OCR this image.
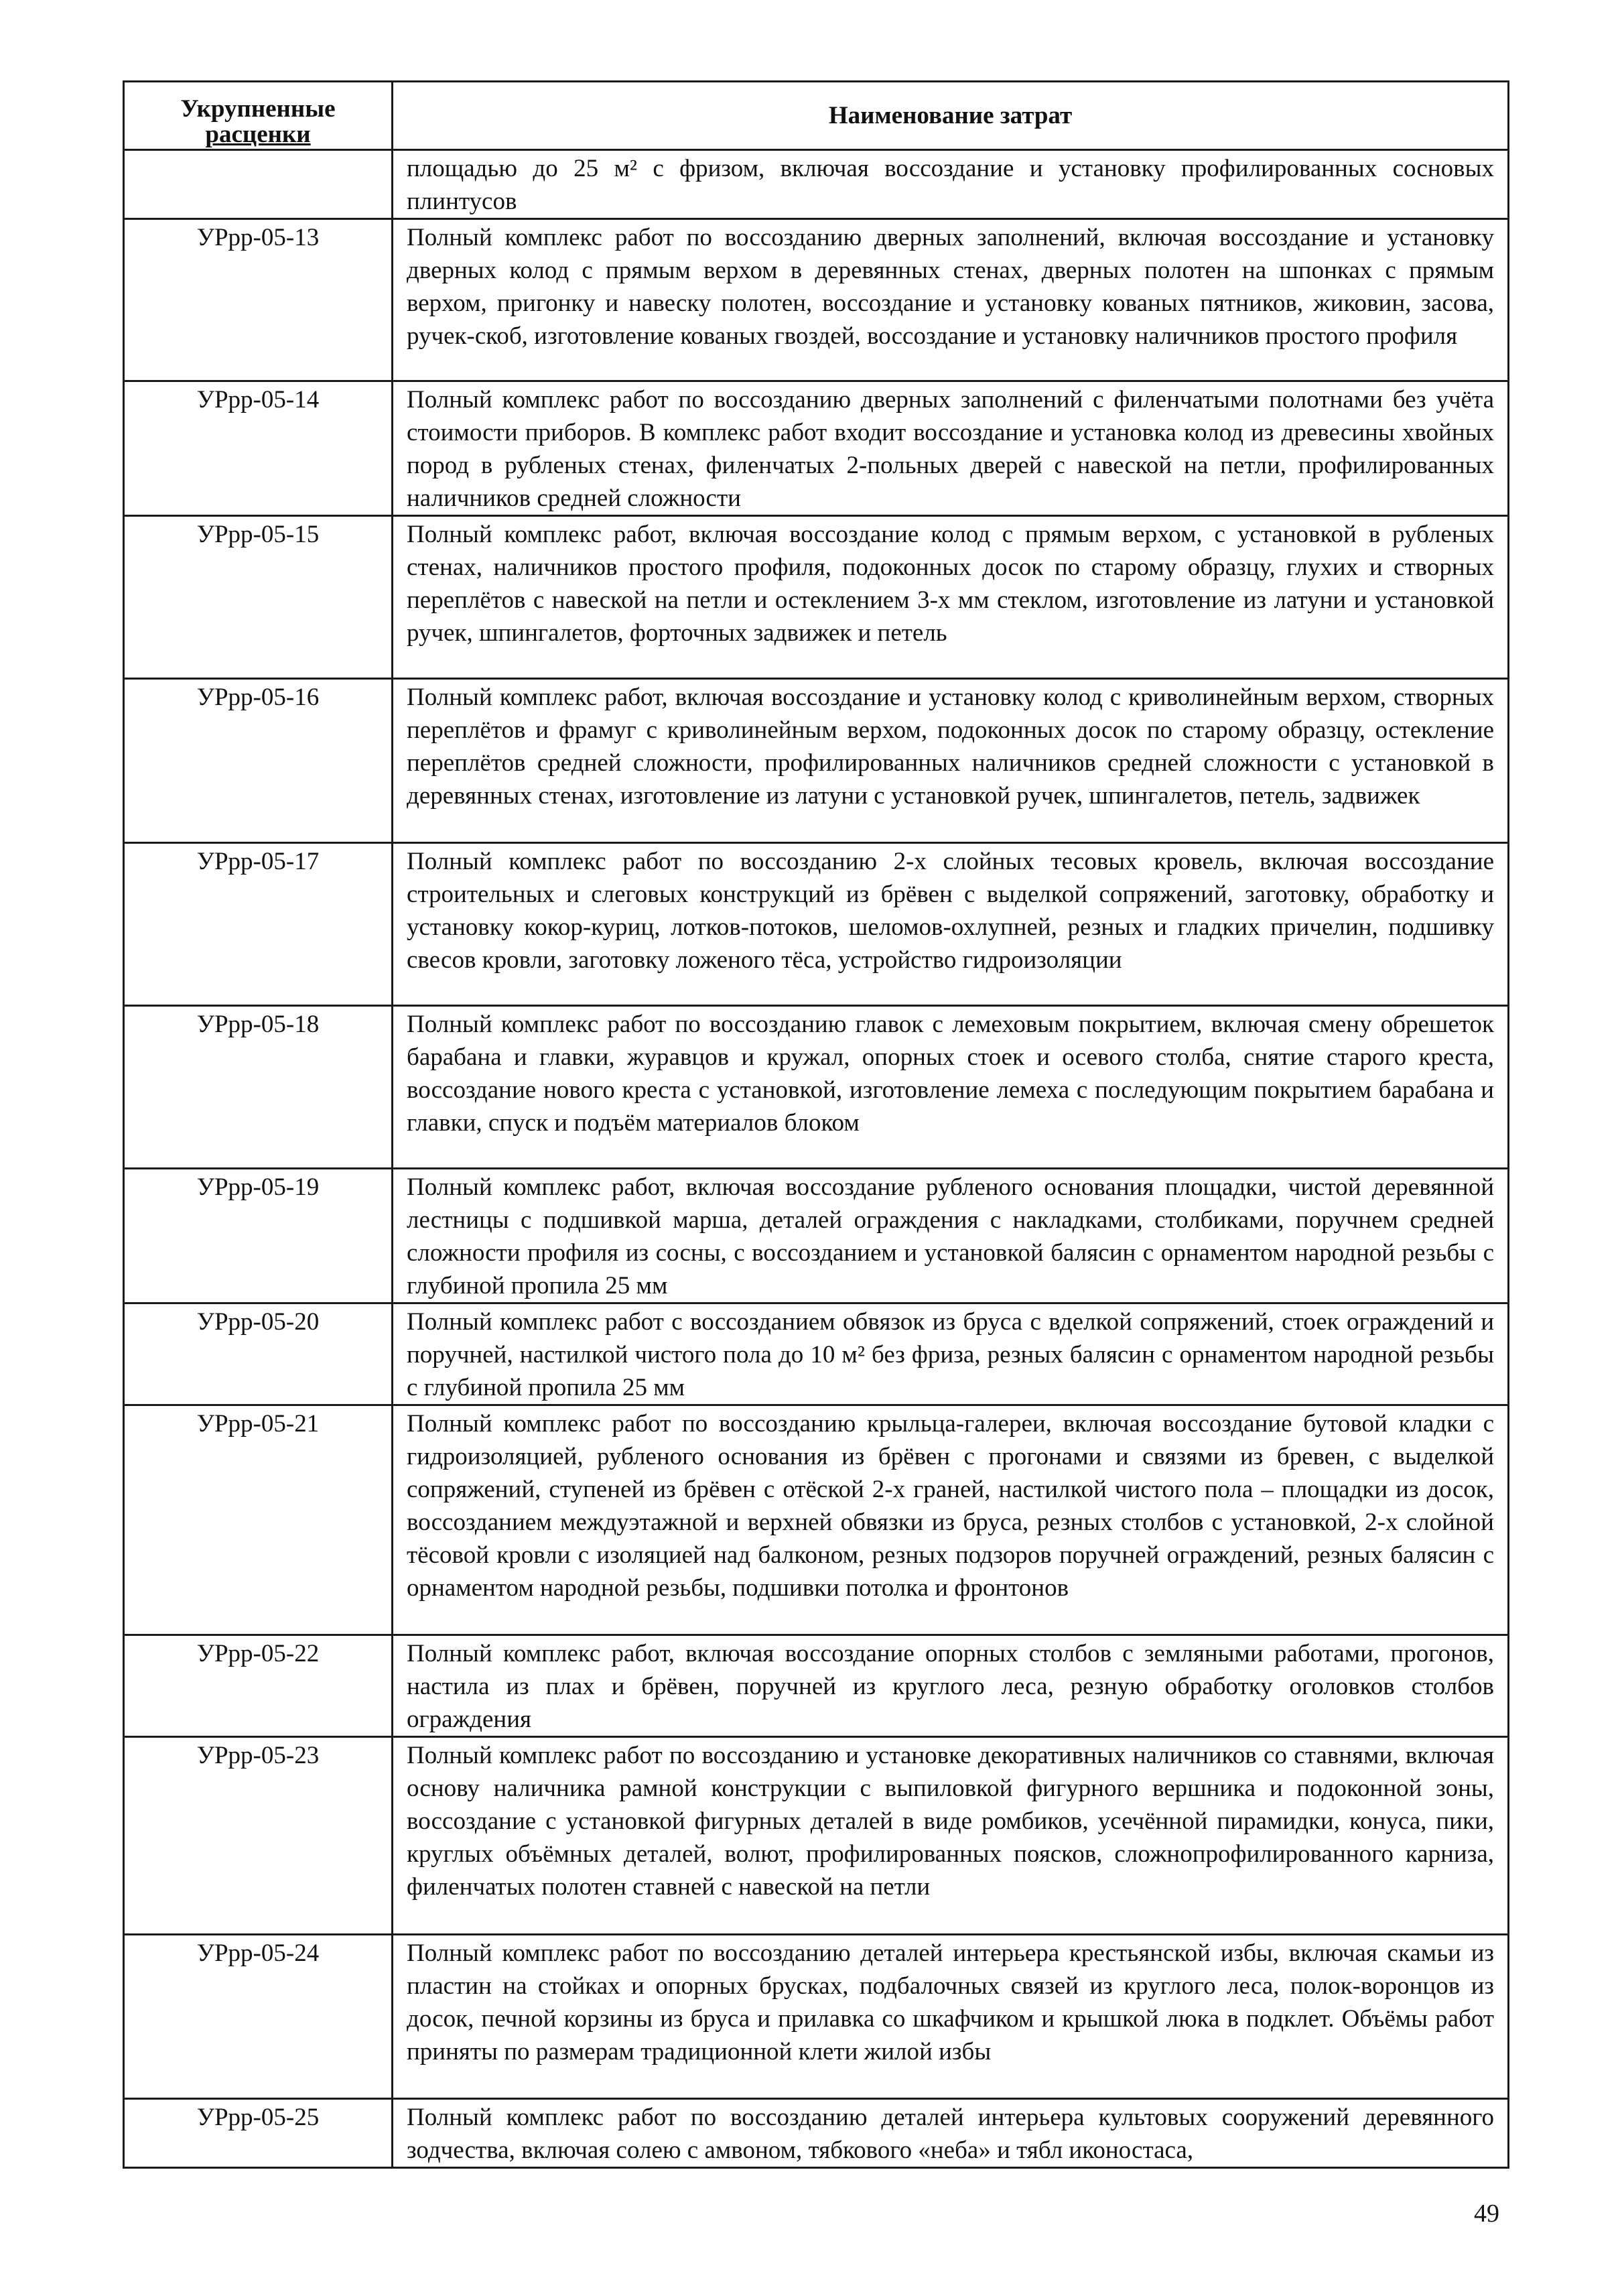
Укрупненные
расценки	Наименование затрат
	площадью до 25 м² с фризом, включая воссоздание и установку профилированных сосновых плинтусов
УРрр-05-13	Полный комплекс работ по воссозданию дверных заполнений, включая воссоздание и установку дверных колод с прямым верхом в деревянных стенах, дверных полотен на шпонках с прямым верхом, пригонку и навеску полотен, воссоздание и установку кованых пятников, жиковин, засова, ручек-скоб, изготовление кованых гвоздей, воссоздание и установку наличников простого профиля
УРрр-05-14	Полный комплекс работ по воссозданию дверных заполнений с филенчатыми полотнами без учёта стоимости приборов. В комплекс работ входит воссоздание и установка колод из древесины хвойных пород в рубленых стенах, филенчатых 2-польных дверей с навеской на петли, профилированных наличников средней сложности
УРрр-05-15	Полный комплекс работ, включая воссоздание колод с прямым верхом, с установкой в рубленых стенах, наличников простого профиля, подоконных досок по старому образцу, глухих и створных переплётов с навеской на петли и остеклением 3-х мм стеклом, изготовление из латуни и установкой ручек, шпингалетов, форточных задвижек и петель
УРрр-05-16	Полный комплекс работ, включая воссоздание и установку колод с криволинейным верхом, створных переплётов и фрамуг с криволинейным верхом, подоконных досок по старому образцу, остекление переплётов средней сложности, профилированных наличников средней сложности с установкой в деревянных стенах, изготовление из латуни с установкой ручек, шпингалетов, петель, задвижек
УРрр-05-17	Полный комплекс работ по воссозданию 2-х слойных тесовых кровель, включая воссоздание строительных и слеговых конструкций из брёвен с выделкой сопряжений, заготовку, обработку и установку кокор-куриц, лотков-потоков, шеломов-охлупней, резных и гладких причелин, подшивку свесов кровли, заготовку ложеного тёса, устройство гидроизоляции
УРрр-05-18	Полный комплекс работ по воссозданию главок с лемеховым покрытием, включая смену обрешеток барабана и главки, журавцов и кружал, опорных стоек и осевого столба, снятие старого креста, воссоздание нового креста с установкой, изготовление лемеха с последующим покрытием барабана и главки, спуск и подъём материалов блоком
УРрр-05-19	Полный комплекс работ, включая воссоздание рубленого основания площадки, чистой деревянной лестницы с подшивкой марша, деталей ограждения с накладками, столбиками, поручнем средней сложности профиля из сосны, с воссозданием и установкой балясин с орнаментом народной резьбы с глубиной пропила 25 мм
УРрр-05-20	Полный комплекс работ с воссозданием обвязок из бруса с вделкой сопряжений, стоек ограждений и поручней, настилкой чистого пола до 10 м² без фриза, резных балясин с орнаментом народной резьбы с глубиной пропила 25 мм
УРрр-05-21	Полный комплекс работ по воссозданию крыльца-галереи, включая воссоздание бутовой кладки с гидроизоляцией, рубленого основания из брёвен с прогонами и связями из бревен, с выделкой сопряжений, ступеней из брёвен с отёской 2-х граней, настилкой чистого пола – площадки из досок, воссозданием междуэтажной и верхней обвязки из бруса, резных столбов с установкой, 2-х слойной тёсовой кровли с изоляцией над балконом, резных подзоров поручней ограждений, резных балясин с орнаментом народной резьбы, подшивки потолка и фронтонов
УРрр-05-22	Полный комплекс работ, включая воссоздание опорных столбов с земляными работами, прогонов, настила из плах и брёвен, поручней из круглого леса, резную обработку оголовков столбов ограждения
УРрр-05-23	Полный комплекс работ по воссозданию и установке декоративных наличников со ставнями, включая основу наличника рамной конструкции с выпиловкой фигурного вершника и подоконной зоны, воссоздание с установкой фигурных деталей в виде ромбиков, усечённой пирамидки, конуса, пики, круглых объёмных деталей, волют, профилированных поясков, сложнопрофилированного карниза, филенчатых полотен ставней с навеской на петли
УРрр-05-24	Полный комплекс работ по воссозданию деталей интерьера крестьянской избы, включая скамьи из пластин на стойках и опорных брусках, подбалочных связей из круглого леса, полок-воронцов из досок, печной корзины из бруса и прилавка со шкафчиком и крышкой люка в подклет. Объёмы работ приняты по размерам традиционной клети жилой избы
УРрр-05-25	Полный комплекс работ по воссозданию деталей интерьера культовых сооружений деревянного зодчества, включая солею с амвоном, тябкового «неба» и тябл иконостаса,
49
